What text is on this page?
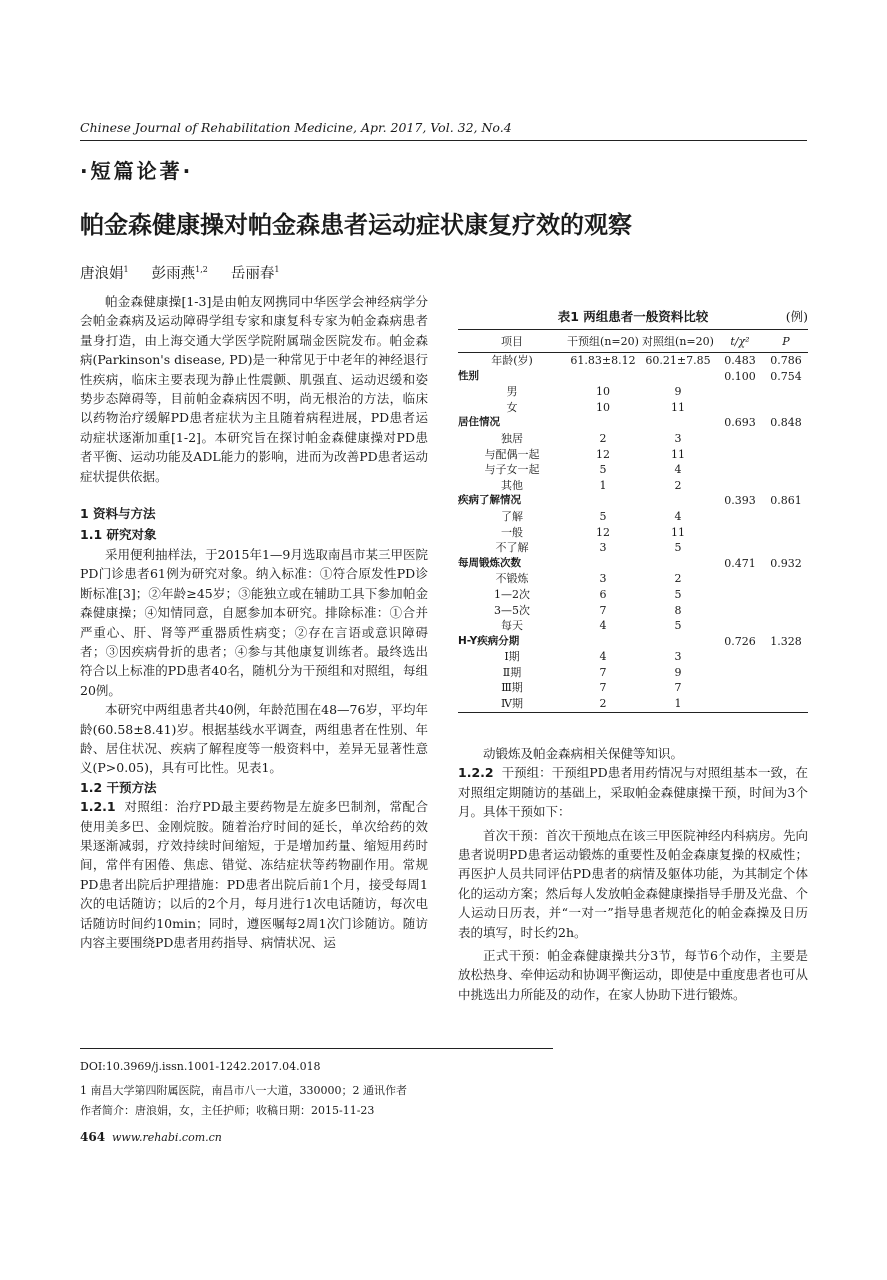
Chinese Journal of Rehabilitation Medicine, Apr. 2017, Vol. 32, No.4
·短篇论著·
帕金森健康操对帕金森患者运动症状康复疗效的观察
唐浪娟$^1$ 彭雨燕$^{1,2}$ 岳丽春$^1$

帕金森健康操[1-3]是由帕友网携同中华医学会神经病学分会帕金森病及运动障碍学组专家和康复科专家为帕金森病患者量身打造，由上海交通大学医学院附属瑞金医院发布。帕金森病(Parkinson's disease, PD)是一种常见于中老年的神经退行性疾病，临床主要表现为静止性震颤、肌强直、运动迟缓和姿势步态障碍等，目前帕金森病因不明，尚无根治的方法，临床以药物治疗缓解PD患者症状为主且随着病程进展，PD患者运动症状逐渐加重[1-2]。本研究旨在探讨帕金森健康操对PD患者平衡、运动功能及ADL能力的影响，进而为改善PD患者运动症状提供依据。

1 资料与方法
1.1 研究对象

采用便利抽样法，于2015年1—9月选取南昌市某三甲医院PD门诊患者61例为研究对象。纳入标准：①符合原发性PD诊断标准[3]；②年龄≥45岁；③能独立或在辅助工具下参加帕金森健康操；④知情同意，自愿参加本研究。排除标准：①合并严重心、肝、肾等严重器质性病变；②存在言语或意识障碍者；③因疾病骨折的患者；④参与其他康复训练者。最终选出符合以上标准的PD患者40名，随机分为干预组和对照组，每组20例。

本研究中两组患者共40例，年龄范围在48—76岁，平均年龄(60.58±8.41)岁。根据基线水平调查，两组患者在性别、年龄、居住状况、疾病了解程度等一般资料中，差异无显著性意义(P>0.05)，具有可比性。见表1。

1.2 干预方法

1.2.1 对照组：治疗PD最主要药物是左旋多巴制剂，常配合使用美多巴、金刚烷胺。随着治疗时间的延长，单次给药的效果逐渐减弱，疗效持续时间缩短，于是增加药量、缩短用药时间，常伴有困倦、焦虑、错觉、冻结症状等药物副作用。常规PD患者出院后护理措施：PD患者出院后前1个月，接受每周1次的电话随访；以后的2个月，每月进行1次电话随访，每次电话随访时间约10min；同时，遵医嘱每2周1次门诊随访。随访内容主要围绕PD患者用药指导、病情状况、运

表1 两组患者一般资料比较	(例)
项目	干预组(n=20)	对照组(n=20)	t/χ²	P
年龄(岁)	61.83±8.12	60.21±7.85	0.483	0.786
性别			0.100	0.754
男	10	9		
女	10	11		
居住情况			0.693	0.848
独居	2	3		
与配偶一起	12	11		
与子女一起	5	4		
其他	1	2		
疾病了解情况			0.393	0.861
了解	5	4		
一般	12	11		
不了解	3	5		
每周锻炼次数			0.471	0.932
不锻炼	3	2		
1—2次	6	5		
3—5次	7	8		
每天	4	5		
H-Y疾病分期			0.726	1.328
Ⅰ期	4	3		
Ⅱ期	7	9		
Ⅲ期	7	7		
Ⅳ期	2	1		

动锻炼及帕金森病相关保健等知识。

1.2.2 干预组：干预组PD患者用药情况与对照组基本一致，在对照组定期随访的基础上，采取帕金森健康操干预，时间为3个月。具体干预如下：

首次干预：首次干预地点在该三甲医院神经内科病房。先向患者说明PD患者运动锻炼的重要性及帕金森康复操的权威性；再医护人员共同评估PD患者的病情及躯体功能，为其制定个体化的运动方案；然后每人发放帕金森健康操指导手册及光盘、个人运动日历表，并“一对一”指导患者规范化的帕金森操及日历表的填写，时长约2h。

正式干预：帕金森健康操共分3节，每节6个动作，主要是放松热身、牵伸运动和协调平衡运动，即使是中重度患者也可从中挑选出力所能及的动作，在家人协助下进行锻炼。

DOI:10.3969/j.issn.1001-1242.2017.04.018
1 南昌大学第四附属医院，南昌市八一大道，330000；2 通讯作者
作者简介：唐浪娟，女，主任护师；收稿日期：2015-11-23
464 www.rehabi.com.cn
